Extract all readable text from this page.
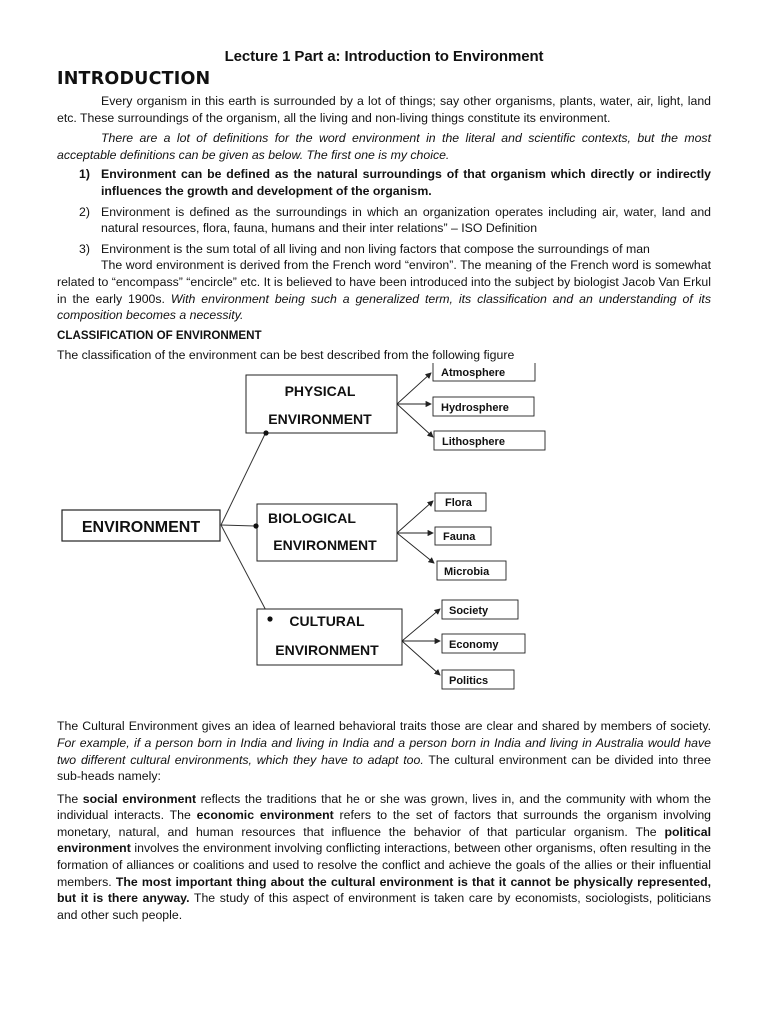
Lecture 1 Part a: Introduction to Environment
INTRODUCTION

Every organism in this earth is surrounded by a lot of things; say other organisms, plants, water, air, light, land etc. These surroundings of the organism, all the living and non-living things constitute its environment.

There are a lot of definitions for the word environment in the literal and scientific contexts, but the most acceptable definitions can be given as below. The first one is my choice.

1) Environment can be defined as the natural surroundings of that organism which directly or indirectly influences the growth and development of the organism.
2) Environment is defined as the surroundings in which an organization operates including air, water, land and natural resources, flora, fauna, humans and their inter relations” – ISO Definition
3) Environment is the sum total of all living and non living factors that compose the surroundings of man

The word environment is derived from the French word “environ”. The meaning of the French word is somewhat related to “encompass” “encircle” etc. It is believed to have been introduced into the subject by biologist Jacob Van Erkul in the early 1900s. With environment being such a generalized term, its classification and an understanding of its composition becomes a necessity.

CLASSIFICATION OF ENVIRONMENT

The classification of the environment can be best described from the following figure

ENVIRONMENT
PHYSICAL
ENVIRONMENT
BIOLOGICAL
ENVIRONMENT
CULTURAL
ENVIRONMENT
Atmosphere
Hydrosphere
Lithosphere
Flora
Fauna
Microbia
Society
Economy
Politics

The Cultural Environment gives an idea of learned behavioral traits those are clear and shared by members of society. For example, if a person born in India and living in India and a person born in India and living in Australia would have two different cultural environments, which they have to adapt too. The cultural environment can be divided into three sub-heads namely:

The social environment reflects the traditions that he or she was grown, lives in, and the community with whom the individual interacts. The economic environment refers to the set of factors that surrounds the organism involving monetary, natural, and human resources that influence the behavior of that particular organism. The political environment involves the environment involving conflicting interactions, between other organisms, often resulting in the formation of alliances or coalitions and used to resolve the conflict and achieve the goals of the allies or their influential members. The most important thing about the cultural environment is that it cannot be physically represented, but it is there anyway. The study of this aspect of environment is taken care by economists, sociologists, politicians and other such people.
